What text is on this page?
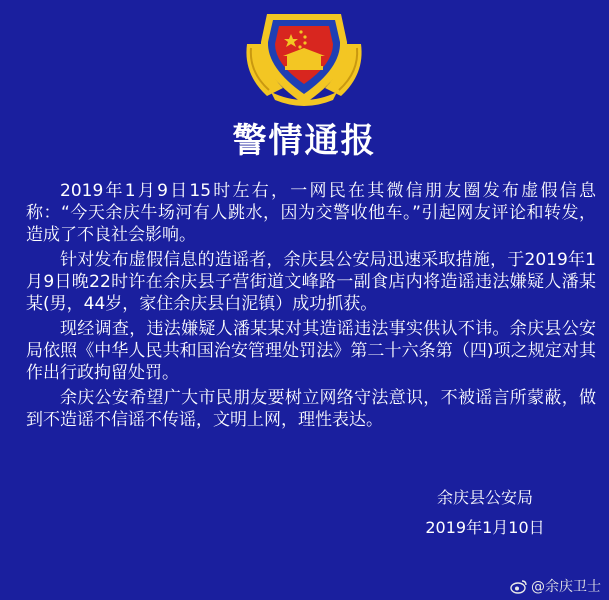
警情通报

2019年1月9日15时左右，一网民在其微信朋友圈发布虚假信息称：“今天余庆牛场河有人跳水，因为交警收他车。”引起网友评论和转发，造成了不良社会影响。

针对发布虚假信息的造谣者，余庆县公安局迅速采取措施，于2019年1月9日晚22时许在余庆县子营街道文峰路一副食店内将造谣违法嫌疑人潘某某(男，44岁，家住余庆县白泥镇）成功抓获。

现经调查，违法嫌疑人潘某某对其造谣违法事实供认不讳。余庆县公安局依照《中华人民共和国治安管理处罚法》第二十六条第（四)项之规定对其作出行政拘留处罚。

余庆公安希望广大市民朋友要树立网络守法意识，不被谣言所蒙蔽，做到不造谣不信谣不传谣，文明上网，理性表达。

余庆县公安局
2019年1月10日
@余庆卫士
